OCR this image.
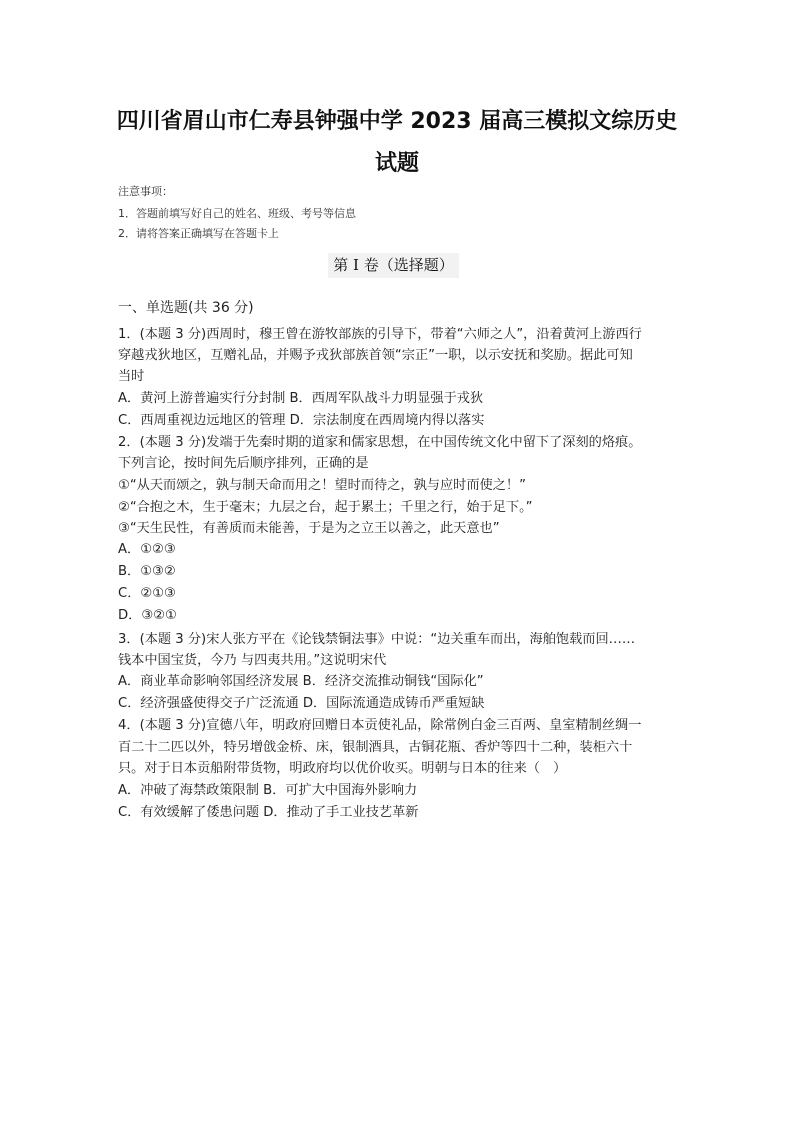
四川省眉山市仁寿县钟强中学 2023 届高三模拟文综历史
试题
注意事项：
1．答题前填写好自己的姓名、班级、考号等信息
2．请将答案正确填写在答题卡上
第 I 卷（选择题）
一、单选题(共 36 分)
1．(本题 3 分)西周时，穆王曾在游牧部族的引导下，带着“六师之人”，沿着黄河上游西行
穿越戎狄地区，互赠礼品，并赐予戎狄部族首领“宗正”一职，以示安抚和奖励。据此可知
当时
A．黄河上游普遍实行分封制 B．西周军队战斗力明显强于戎狄
C．西周重视边远地区的管理 D．宗法制度在西周境内得以落实
2．(本题 3 分)发端于先秦时期的道家和儒家思想，在中国传统文化中留下了深刻的烙痕。
下列言论，按时间先后顺序排列，正确的是
①“从天而颂之，孰与制天命而用之！望时而待之，孰与应时而使之！”
②“合抱之木，生于毫末；九层之台，起于累土；千里之行，始于足下。”
③“天生民性，有善质而未能善，于是为之立王以善之，此天意也”
A．①②③
B．①③②
C．②①③
D．③②①
3．(本题 3 分)宋人张方平在《论钱禁铜法事》中说：“边关重车而出，海舶饱载而回……
钱本中国宝货，今乃 与四夷共用。”这说明宋代
A．商业革命影响邻国经济发展 B．经济交流推动铜钱“国际化”
C．经济强盛使得交子广泛流通 D．国际流通造成铸币严重短缺
4．(本题 3 分)宣德八年，明政府回赠日本贡使礼品，除常例白金三百两、皇室精制丝绸一
百二十二匹以外，特另增戗金桥、床，银制酒具，古铜花瓶、香炉等四十二种，装柜六十
只。对于日本贡船附带货物，明政府均以优价收买。明朝与日本的往来（　）
A．冲破了海禁政策限制 B．可扩大中国海外影响力
C．有效缓解了倭患问题 D．推动了手工业技艺革新
